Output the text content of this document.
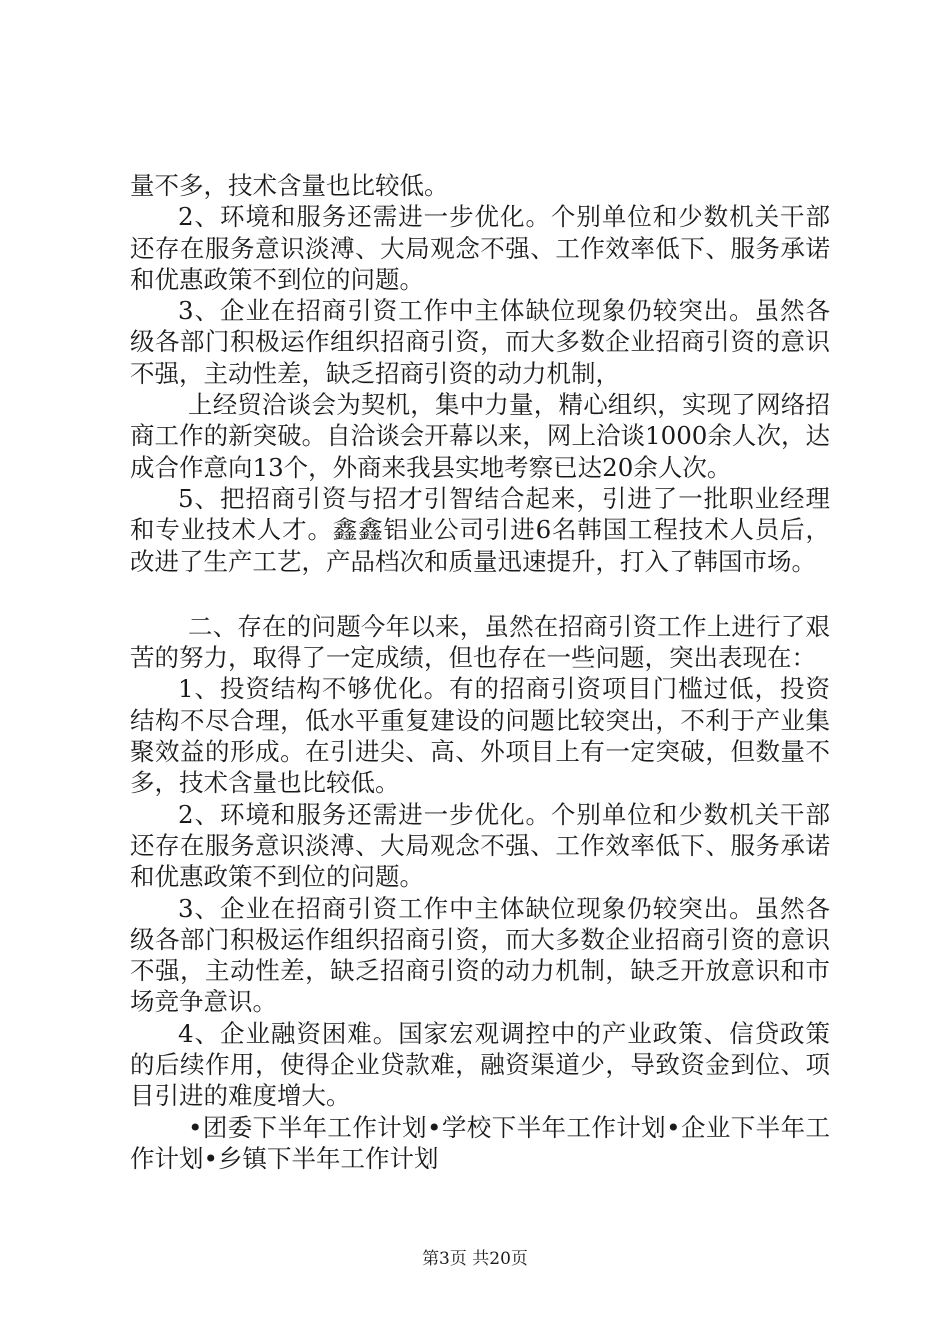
量不多，技术含量也比较低。

2、环境和服务还需进一步优化。个别单位和少数机关干部还存在服务意识淡溥、大局观念不强、工作效率低下、服务承诺和优惠政策不到位的问题。

3、企业在招商引资工作中主体缺位现象仍较突出。虽然各级各部门积极运作组织招商引资，而大多数企业招商引资的意识不强，主动性差，缺乏招商引资的动力机制，

上经贸洽谈会为契机，集中力量，精心组织，实现了网络招商工作的新突破。自洽谈会开幕以来，网上洽谈1000余人次，达成合作意向13个，外商来我县实地考察已达20余人次。

5、把招商引资与招才引智结合起来，引进了一批职业经理和专业技术人才。鑫鑫铝业公司引进6名韩国工程技术人员后，改进了生产工艺，产品档次和质量迅速提升，打入了韩国市场。

二、存在的问题今年以来，虽然在招商引资工作上进行了艰苦的努力，取得了一定成绩，但也存在一些问题，突出表现在：

1、投资结构不够优化。有的招商引资项目门槛过低，投资结构不尽合理，低水平重复建设的问题比较突出，不利于产业集聚效益的形成。在引进尖、高、外项目上有一定突破，但数量不多，技术含量也比较低。

2、环境和服务还需进一步优化。个别单位和少数机关干部还存在服务意识淡溥、大局观念不强、工作效率低下、服务承诺和优惠政策不到位的问题。

3、企业在招商引资工作中主体缺位现象仍较突出。虽然各级各部门积极运作组织招商引资，而大多数企业招商引资的意识不强，主动性差，缺乏招商引资的动力机制，缺乏开放意识和市场竞争意识。

4、企业融资困难。国家宏观调控中的产业政策、信贷政策的后续作用，使得企业贷款难，融资渠道少，导致资金到位、项目引进的难度增大。

•团委下半年工作计划•学校下半年工作计划•企业下半年工作计划•乡镇下半年工作计划

第3页 共20页
